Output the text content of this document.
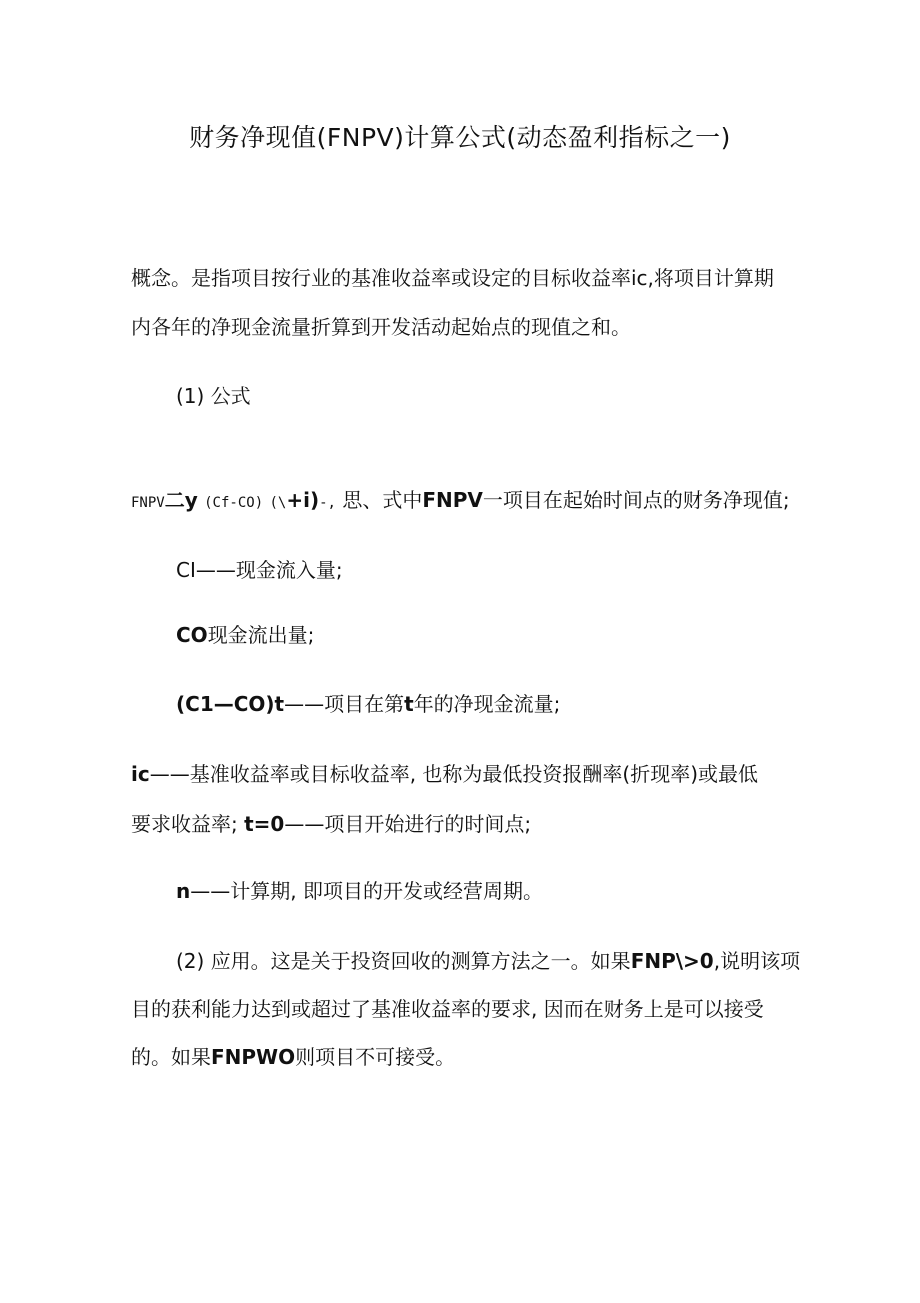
财务净现值(FNPV)计算公式(动态盈利指标之一)
概念。是指项目按行业的基准收益率或设定的目标收益率ic,将项目计算期
内各年的净现金流量折算到开发活动起始点的现值之和。
(1) 公式
FNPV二y (Cf-CO) (\+i)-, 思、式中FNPV一项目在起始时间点的财务净现值;
CI——现金流入量;
CO现金流出量;
(C1—CO)t——项目在第t年的净现金流量;
ic——基准收益率或目标收益率, 也称为最低投资报酬率(折现率)或最低
要求收益率; t=0——项目开始进行的时间点;
n——计算期, 即项目的开发或经营周期。
(2) 应用。这是关于投资回收的测算方法之一。如果FNP\>0,说明该项
目的获利能力达到或超过了基准收益率的要求, 因而在财务上是可以接受
的。如果FNPWO则项目不可接受。
